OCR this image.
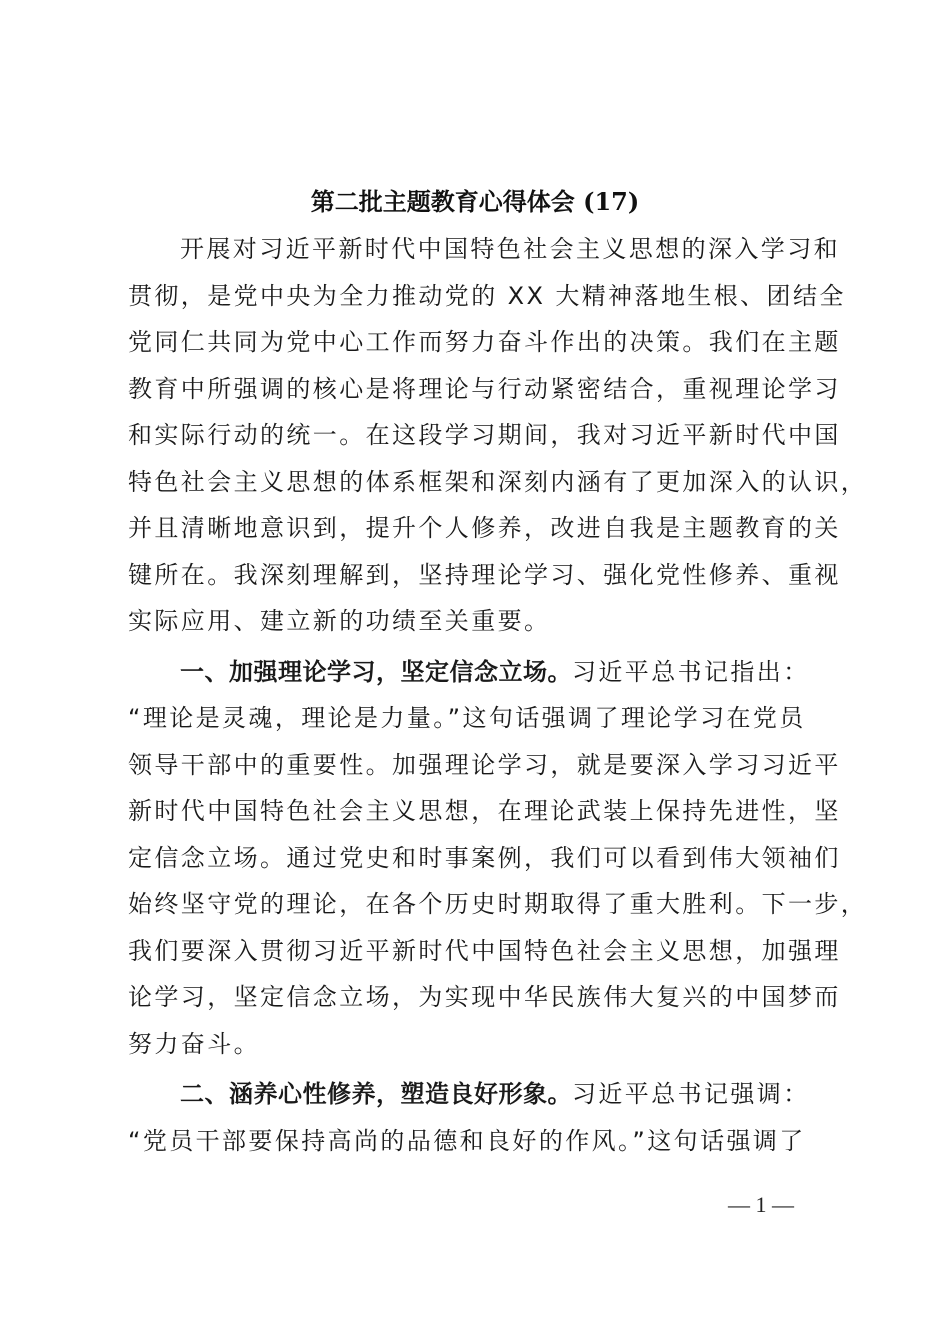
第二批主题教育心得体会 (17)
开展对习近平新时代中国特色社会主义思想的深入学习和
贯彻，是党中央为全力推动党的 XX 大精神落地生根、团结全
党同仁共同为党中心工作而努力奋斗作出的决策。我们在主题
教育中所强调的核心是将理论与行动紧密结合，重视理论学习
和实际行动的统一。在这段学习期间，我对习近平新时代中国
特色社会主义思想的体系框架和深刻内涵有了更加深入的认识，
并且清晰地意识到，提升个人修养，改进自我是主题教育的关
键所在。我深刻理解到，坚持理论学习、强化党性修养、重视
实际应用、建立新的功绩至关重要。
一、加强理论学习，坚定信念立场。习近平总书记指出：
“理论是灵魂，理论是力量。”这句话强调了理论学习在党员
领导干部中的重要性。加强理论学习，就是要深入学习习近平
新时代中国特色社会主义思想，在理论武装上保持先进性，坚
定信念立场。通过党史和时事案例，我们可以看到伟大领袖们
始终坚守党的理论，在各个历史时期取得了重大胜利。下一步，
我们要深入贯彻习近平新时代中国特色社会主义思想，加强理
论学习，坚定信念立场，为实现中华民族伟大复兴的中国梦而
努力奋斗。
二、涵养心性修养，塑造良好形象。习近平总书记强调：
“党员干部要保持高尚的品德和良好的作风。”这句话强调了
— 1 —
